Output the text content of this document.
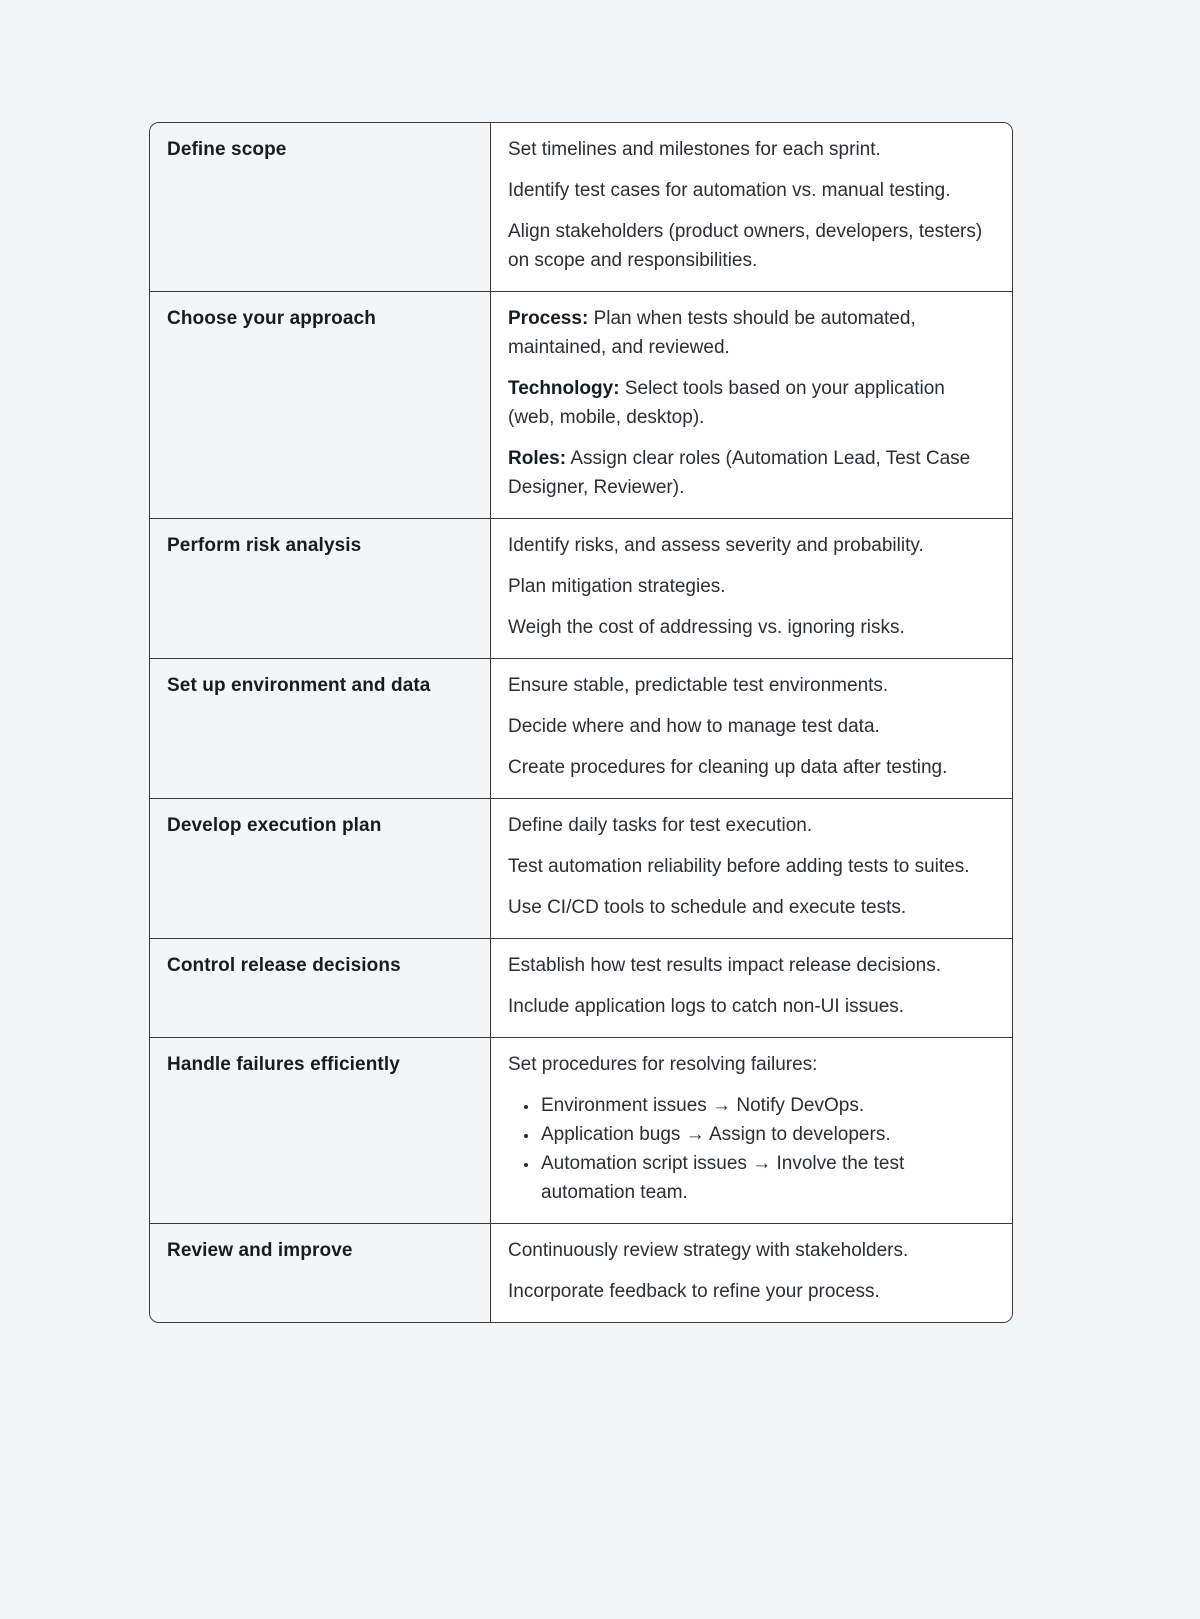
Define scope	Set timelines and milestones for each sprint.

Identify test cases for automation vs. manual testing.

Align stakeholders (product owners, developers, testers) on scope and responsibilities.

Choose your approach	Process: Plan when tests should be automated, maintained, and reviewed.

Technology: Select tools based on your application (web, mobile, desktop).

Roles: Assign clear roles (Automation Lead, Test Case Designer, Reviewer).

Perform risk analysis	Identify risks, and assess severity and probability.

Plan mitigation strategies.

Weigh the cost of addressing vs. ignoring risks.

Set up environment and data	Ensure stable, predictable test environments.

Decide where and how to manage test data.

Create procedures for cleaning up data after testing.

Develop execution plan	Define daily tasks for test execution.

Test automation reliability before adding tests to suites.

Use CI/CD tools to schedule and execute tests.

Control release decisions	Establish how test results impact release decisions.

Include application logs to catch non-UI issues.

Handle failures efficiently	Set procedures for resolving failures:

• Environment issues → Notify DevOps.
• Application bugs → Assign to developers.
• Automation script issues → Involve the test automation team.
Review and improve	Continuously review strategy with stakeholders.

Incorporate feedback to refine your process.
